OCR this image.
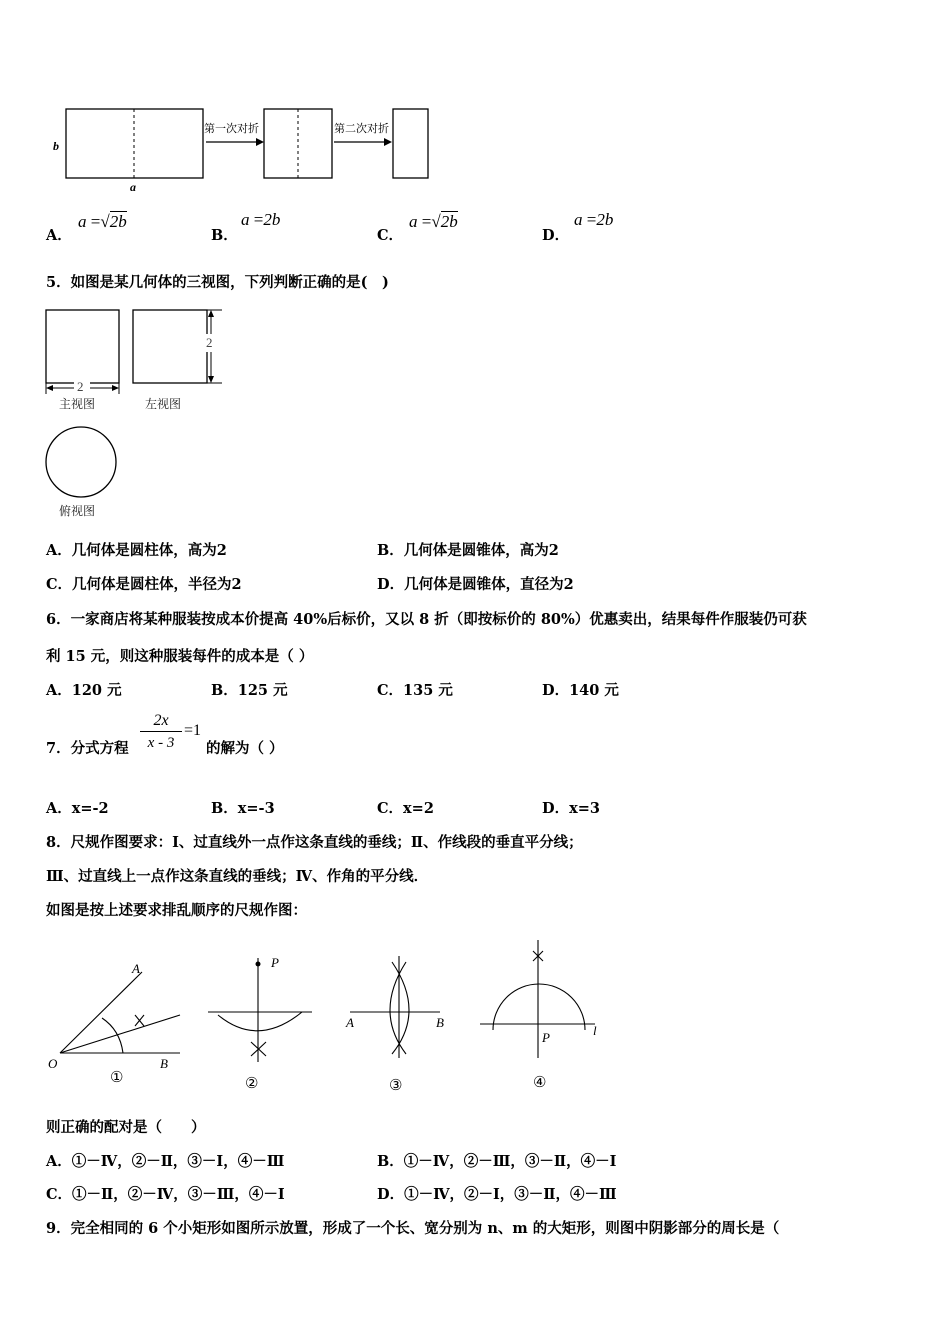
b
a
第一次对折	第二次对折
A．
a =√2b
B．
a =2b
C．
a =√2b
D．
a =2b
5．如图是某几何体的三视图，下列判断正确的是(　)
2
主视图
2
左视图
俯视图
A．几何体是圆柱体，高为2	B．几何体是圆锥体，高为2
C．几何体是圆柱体，半径为2	D．几何体是圆锥体，直径为2
6．一家商店将某种服装按成本价提高 40%后标价，又以 8 折（即按标价的 80%）优惠卖出，结果每件作服装仍可获
利 15 元，则这种服装每件的成本是（ ）
A．120 元	B．125 元	C．135 元	D．140 元
7．分式方程
2x
x - 3
=1
的解为（ ）
A．x=-2	B．x=-3	C．x=2	D．x=3
8．尺规作图要求：Ⅰ、过直线外一点作这条直线的垂线；Ⅱ、作线段的垂直平分线；
Ⅲ、过直线上一点作这条直线的垂线；Ⅳ、作角的平分线．
如图是按上述要求排乱顺序的尺规作图：
A
O	B
①
P
②
A	B
③
P	l
④
则正确的配对是（　　）
A．①－Ⅳ，②－Ⅱ，③－Ⅰ，④－Ⅲ	B．①－Ⅳ，②－Ⅲ，③－Ⅱ，④－Ⅰ
C．①－Ⅱ，②－Ⅳ，③－Ⅲ，④－Ⅰ	D．①－Ⅳ，②－Ⅰ，③－Ⅱ，④－Ⅲ
9．完全相同的 6 个小矩形如图所示放置，形成了一个长、宽分别为 n、m 的大矩形，则图中阴影部分的周长是（
